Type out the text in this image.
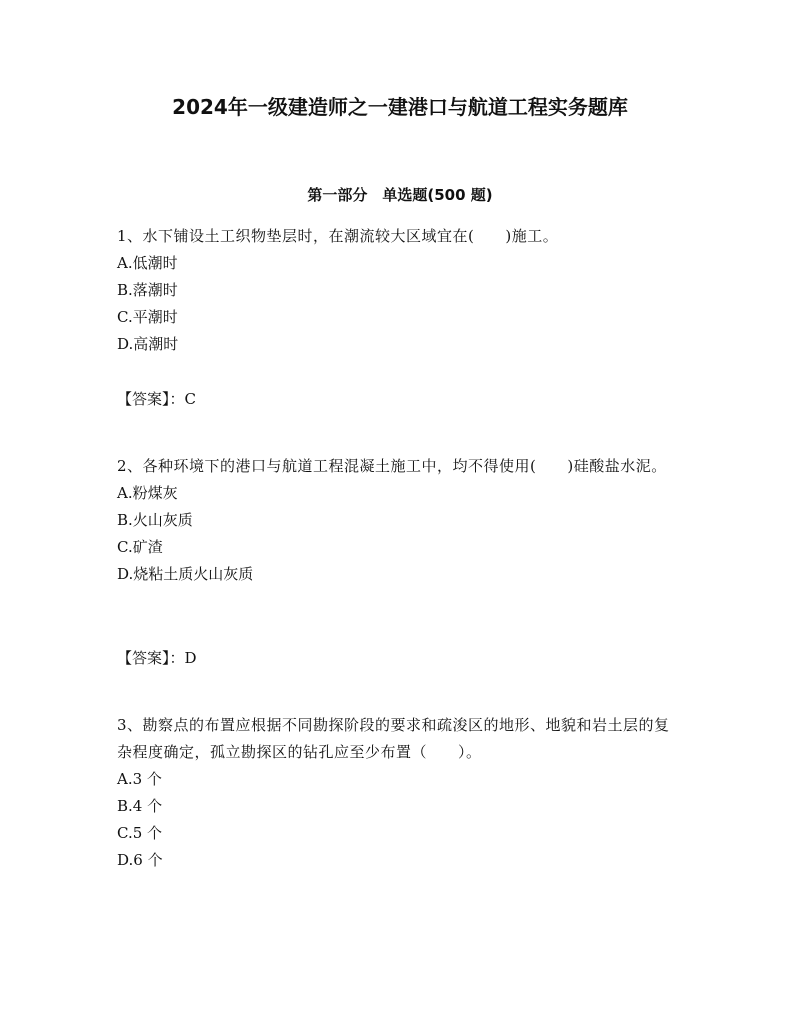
2024年一级建造师之一建港口与航道工程实务题库
第一部分　单选题(500 题)

1、水下铺设土工织物垫层时，在潮流较大区域宜在(　　)施工。

A.低潮时

B.落潮时

C.平潮时

D.高潮时

【答案】：C

2、各种环境下的港口与航道工程混凝土施工中，均不得使用(　　)硅酸盐水泥。

A.粉煤灰

B.火山灰质

C.矿渣

D.烧粘土质火山灰质

【答案】：D

3、勘察点的布置应根据不同勘探阶段的要求和疏浚区的地形、地貌和岩土层的复杂程度确定，孤立勘探区的钻孔应至少布置（　　）。

A.3 个

B.4 个

C.5 个

D.6 个
